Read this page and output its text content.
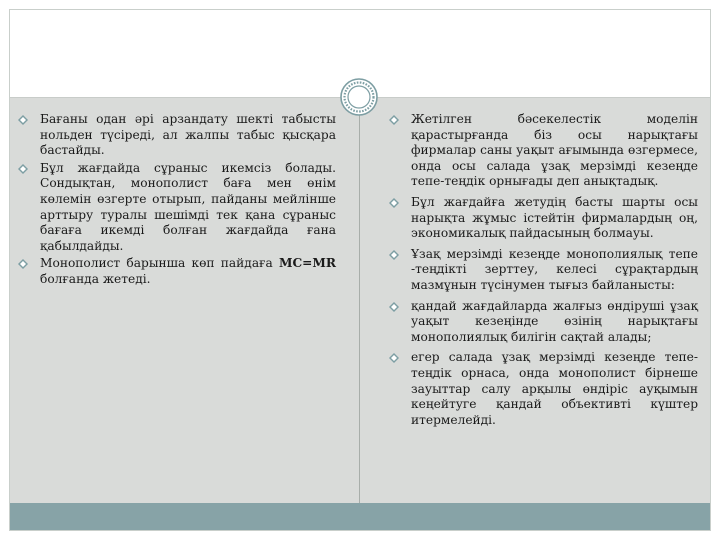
Бағаны одан әрі арзандату шекті табысты нольден түсіреді, ал жалпы табыс қысқара бастайды.
Бұл жағдайда сұраныс икемсіз болады. Сондықтан, монополист баға мен өнім көлемін өзгерте отырып, пайданы мейлінше арттыру туралы шешімді тек қана сұраныс бағаға икемді болған жағдайда ғана қабылдайды.
Монополист барынша көп пайдаға MC=MR болғанда жетеді.
Жетілген бәсекелестік моделін қарастырғанда біз осы нарықтағы фирмалар саны уақыт ағымында өзгермесе, онда осы салада ұзақ мерзімді кезеңде тепе-теңдік орнығады деп анықтадық.
Бұл жағдайға жетудің басты шарты осы нарықта жұмыс істейтін фирмалардың оң, экономикалық пайдасының болмауы.
Ұзақ мерзімді кезеңде монополиялық тепе -теңдікті зерттеу, келесі сұрақтардың мазмұнын түсінумен тығыз байланысты:
қандай жағдайларда жалғыз өндіруші ұзақ уақыт кезеңінде өзінің нарықтағы монополиялық билігін сақтай алады;
егер салада ұзақ мерзімді кезеңде тепе-теңдік орнаса, онда монополист бірнеше зауыттар салу арқылы өндіріс ауқымын кеңейтуге қандай объективті күштер итермелейді.
